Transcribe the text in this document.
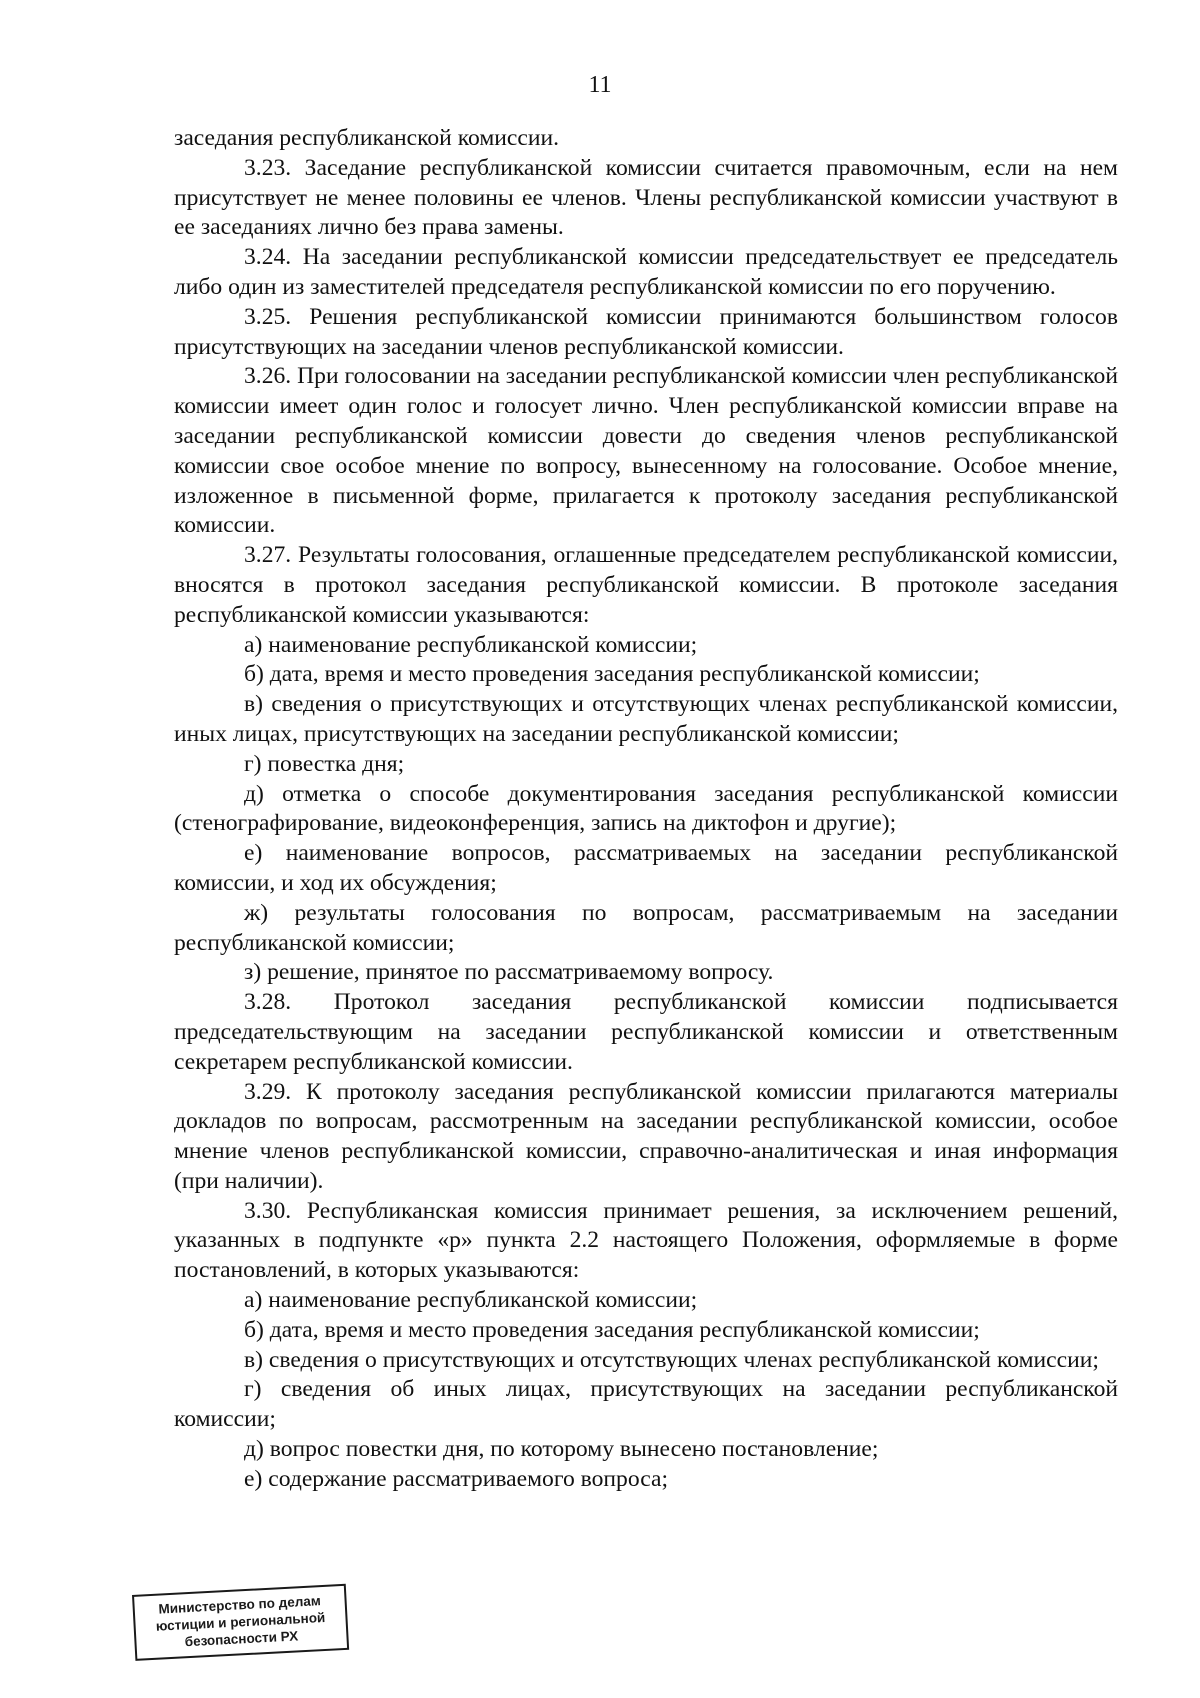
11

заседания республиканской комиссии.

3.23. Заседание республиканской комиссии считается правомочным, если на нем присутствует не менее половины ее членов. Члены республиканской комиссии участвуют в ее заседаниях лично без права замены.

3.24. На заседании республиканской комиссии председательствует ее председатель либо один из заместителей председателя республиканской комиссии по его поручению.

3.25. Решения республиканской комиссии принимаются большинством голосов присутствующих на заседании членов республиканской комиссии.

3.26. При голосовании на заседании республиканской комиссии член республиканской комиссии имеет один голос и голосует лично. Член республиканской комиссии вправе на заседании республиканской комиссии довести до сведения членов республиканской комиссии свое особое мнение по вопросу, вынесенному на голосование. Особое мнение, изложенное в письменной форме, прилагается к протоколу заседания республиканской комиссии.

3.27. Результаты голосования, оглашенные председателем республиканской комиссии, вносятся в протокол заседания республиканской комиссии. В протоколе заседания республиканской комиссии указываются:

а) наименование республиканской комиссии;

б) дата, время и место проведения заседания республиканской комиссии;

в) сведения о присутствующих и отсутствующих членах республиканской комиссии, иных лицах, присутствующих на заседании республиканской комиссии;

г) повестка дня;

д) отметка о способе документирования заседания республиканской комиссии (стенографирование, видеоконференция, запись на диктофон и другие);

е) наименование вопросов, рассматриваемых на заседании республиканской комиссии, и ход их обсуждения;

ж) результаты голосования по вопросам, рассматриваемым на заседании республиканской комиссии;

з) решение, принятое по рассматриваемому вопросу.

3.28. Протокол заседания республиканской комиссии подписывается председательствующим на заседании республиканской комиссии и ответственным секретарем республиканской комиссии.

3.29. К протоколу заседания республиканской комиссии прилагаются материалы докладов по вопросам, рассмотренным на заседании республиканской комиссии, особое мнение членов республиканской комиссии, справочно-аналитическая и иная информация (при наличии).

3.30. Республиканская комиссия принимает решения, за исключением решений, указанных в подпункте «р» пункта 2.2 настоящего Положения, оформляемые в форме постановлений, в которых указываются:

а) наименование республиканской комиссии;

б) дата, время и место проведения заседания республиканской комиссии;

в) сведения о присутствующих и отсутствующих членах республиканской комиссии;

г) сведения об иных лицах, присутствующих на заседании республиканской комиссии;

д) вопрос повестки дня, по которому вынесено постановление;

е) содержание рассматриваемого вопроса;

Министерство по делам
юстиции и региональной
безопасности РХ
